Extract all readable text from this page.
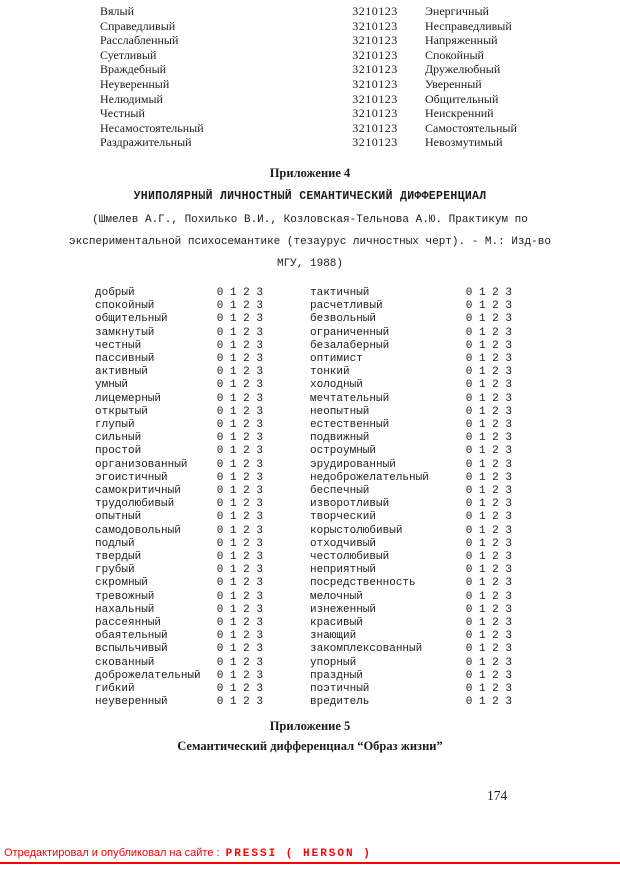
Вялый	3210123	Энергичный
Справедливый	3210123	Несправедливый
Расслабленный	3210123	Напряженный
Суетливый	3210123	Спокойный
Враждебный	3210123	Дружелюбный
Неуверенный	3210123	Уверенный
Нелюдимый	3210123	Общительный
Честный	3210123	Неискренний
Несамостоятельный	3210123	Самостоятельный
Раздражительный	3210123	Невозмутимый
Приложение 4
УНИПОЛЯРНЫЙ ЛИЧНОСТНЫЙ СЕМАНТИЧЕСКИЙ ДИФФЕРЕНЦИАЛ
(Шмелев А.Г., Похилько В.И., Козловская-Тельнова А.Ю. Практикум по
экспериментальной психосемантике (тезаурус личностных черт). - М.: Изд-во
МГУ, 1988)
добрый	0 1 2 3
спокойный	0 1 2 3
общительный	0 1 2 3
замкнутый	0 1 2 3
честный	0 1 2 3
пассивный	0 1 2 3
активный	0 1 2 3
умный	0 1 2 3
лицемерный	0 1 2 3
открытый	0 1 2 3
глупый	0 1 2 3
сильный	0 1 2 3
простой	0 1 2 3
организованный	0 1 2 3
эгоистичный	0 1 2 3
самокритичный	0 1 2 3
трудолюбивый	0 1 2 3
опытный	0 1 2 3
самодовольный	0 1 2 3
подлый	0 1 2 3
твердый	0 1 2 3
грубый	0 1 2 3
скромный	0 1 2 3
тревожный	0 1 2 3
нахальный	0 1 2 3
рассеянный	0 1 2 3
обаятельный	0 1 2 3
вспыльчивый	0 1 2 3
скованный	0 1 2 3
доброжелательный 0 1 2 3
гибкий	0 1 2 3
неуверенный	0 1 2 3
тактичный	0 1 2 3
расчетливый	0 1 2 3
безвольный	0 1 2 3
ограниченный	0 1 2 3
безалаберный	0 1 2 3
оптимист	0 1 2 3
тонкий	0 1 2 3
холодный	0 1 2 3
мечтательный	0 1 2 3
неопытный	0 1 2 3
естественный	0 1 2 3
подвижный	0 1 2 3
остроумный	0 1 2 3
эрудированный	0 1 2 3
недоброжелательный	0 1 2 3
беспечный	0 1 2 3
изворотливый	0 1 2 3
творческий	0 1 2 3
корыстолюбивый	0 1 2 3
отходчивый	0 1 2 3
честолюбивый	0 1 2 3
неприятный	0 1 2 3
посредственность	0 1 2 3
мелочный	0 1 2 3
изнеженный	0 1 2 3
красивый	0 1 2 3
знающий	0 1 2 3
закомплексованный	0 1 2 3
упорный	0 1 2 3
праздный	0 1 2 3
поэтичный	0 1 2 3
вредитель	0 1 2 3
Приложение 5
Семантический дифференциал “Образ жизни”
174
Отредактировал и опубликовал на сайте : PRESSI ( HERSON )
